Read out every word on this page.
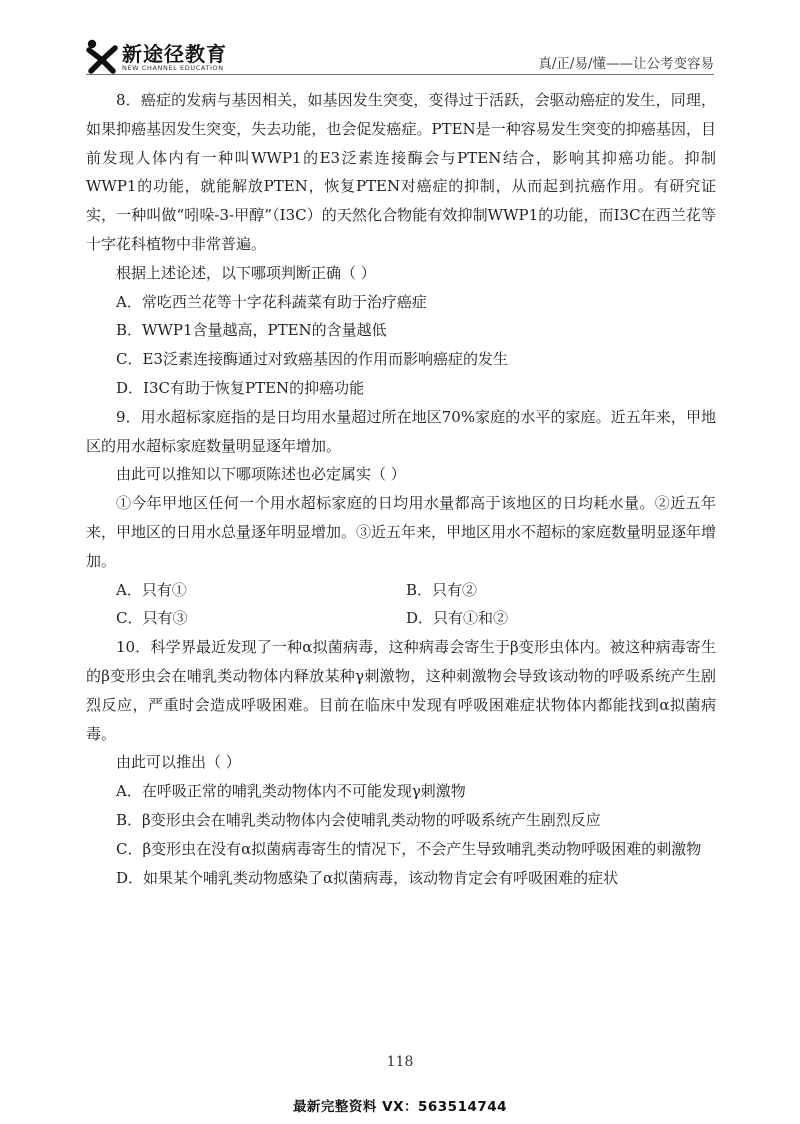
新途径教育
NEW CHANNEL EDUCATION	真/正/易/懂——让公考变容易

8．癌症的发病与基因相关，如基因发生突变，变得过于活跃，会驱动癌症的发生，同理，如果抑癌基因发生突变，失去功能，也会促发癌症。PTEN是一种容易发生突变的抑癌基因，目前发现人体内有一种叫WWP1的E3泛素连接酶会与PTEN结合，影响其抑癌功能。抑制WWP1的功能，就能解放PTEN，恢复PTEN对癌症的抑制，从而起到抗癌作用。有研究证实，一种叫做“吲哚-3-甲醇”（I3C）的天然化合物能有效抑制WWP1的功能，而I3C在西兰花等十字花科植物中非常普遍。

根据上述论述，以下哪项判断正确（ ）

A．常吃西兰花等十字花科蔬菜有助于治疗癌症

B．WWP1含量越高，PTEN的含量越低

C．E3泛素连接酶通过对致癌基因的作用而影响癌症的发生

D．I3C有助于恢复PTEN的抑癌功能

9．用水超标家庭指的是日均用水量超过所在地区70%家庭的水平的家庭。近五年来，甲地区的用水超标家庭数量明显逐年增加。

由此可以推知以下哪项陈述也必定属实（ ）

①今年甲地区任何一个用水超标家庭的日均用水量都高于该地区的日均耗水量。②近五年来，甲地区的日用水总量逐年明显增加。③近五年来，甲地区用水不超标的家庭数量明显逐年增加。

A．只有①	B．只有②
C．只有③	D．只有①和②

10．科学界最近发现了一种α拟菌病毒，这种病毒会寄生于β变形虫体内。被这种病毒寄生的β变形虫会在哺乳类动物体内释放某种γ刺激物，这种刺激物会导致该动物的呼吸系统产生剧烈反应，严重时会造成呼吸困难。目前在临床中发现有呼吸困难症状物体内都能找到α拟菌病毒。

由此可以推出（ ）

A．在呼吸正常的哺乳类动物体内不可能发现γ刺激物

B．β变形虫会在哺乳类动物体内会使哺乳类动物的呼吸系统产生剧烈反应

C．β变形虫在没有α拟菌病毒寄生的情况下，不会产生导致哺乳类动物呼吸困难的刺激物

D．如果某个哺乳类动物感染了α拟菌病毒，该动物肯定会有呼吸困难的症状

118
最新完整资料 VX：563514744
